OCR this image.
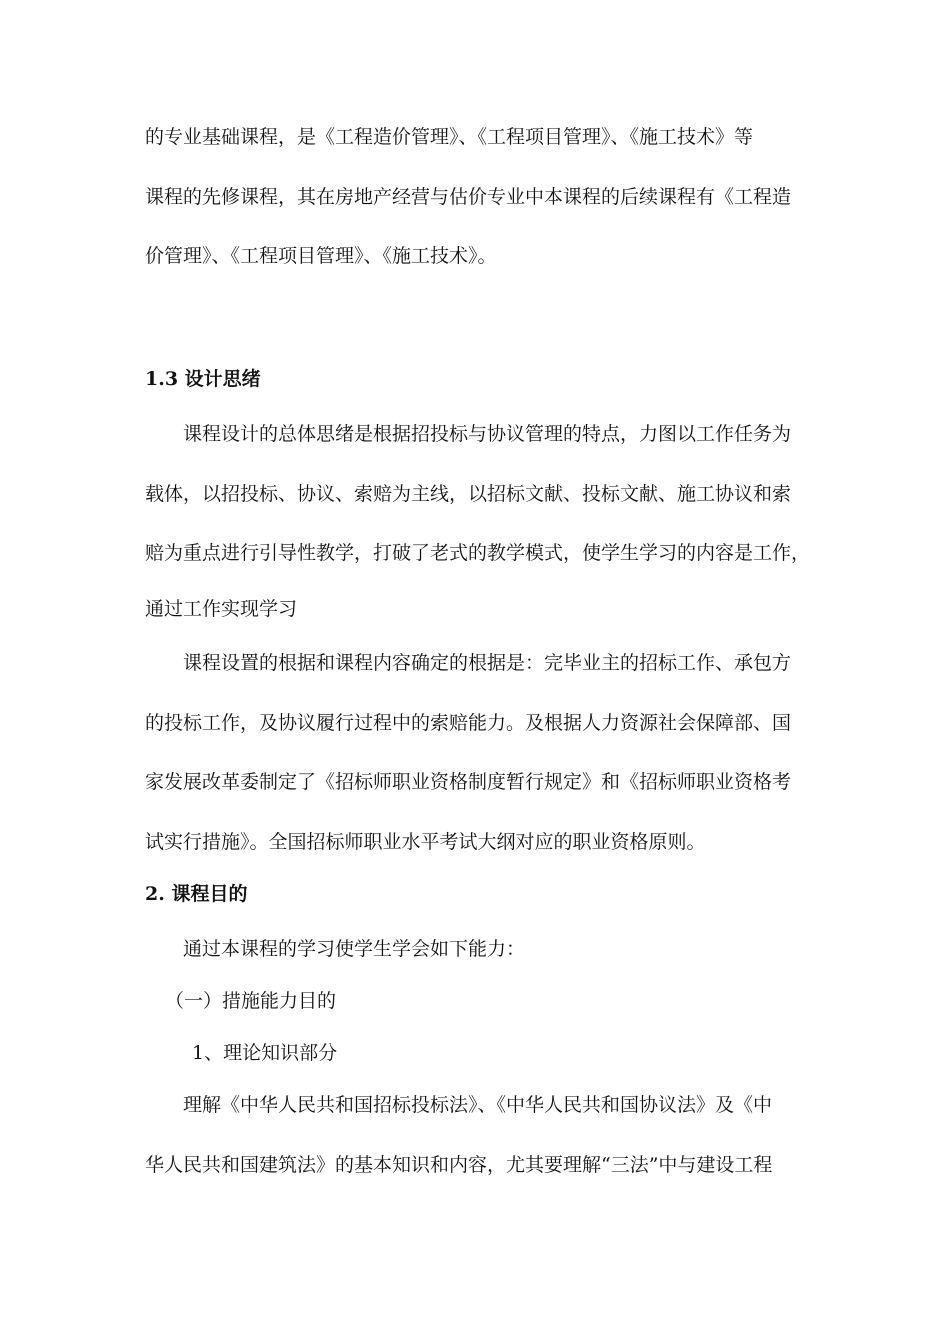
的专业基础课程，是《工程造价管理》、《工程项目管理》、《施工技术》等
课程的先修课程，其在房地产经营与估价专业中本课程的后续课程有《工程造
价管理》、《工程项目管理》、《施工技术》。
1.3 设计思绪
课程设计的总体思绪是根据招投标与协议管理的特点，力图以工作任务为
载体，以招投标、协议、索赔为主线，以招标文献、投标文献、施工协议和索
赔为重点进行引导性教学，打破了老式的教学模式，使学生学习的内容是工作，
通过工作实现学习
课程设置的根据和课程内容确定的根据是：完毕业主的招标工作、承包方
的投标工作，及协议履行过程中的索赔能力。及根据人力资源社会保障部、国
家发展改革委制定了《招标师职业资格制度暂行规定》和《招标师职业资格考
试实行措施》。全国招标师职业水平考试大纲对应的职业资格原则。
2. 课程目的
通过本课程的学习使学生学会如下能力：
（一）措施能力目的
1、理论知识部分
理解《中华人民共和国招标投标法》、《中华人民共和国协议法》及《中
华人民共和国建筑法》的基本知识和内容，尤其要理解“三法”中与建设工程
